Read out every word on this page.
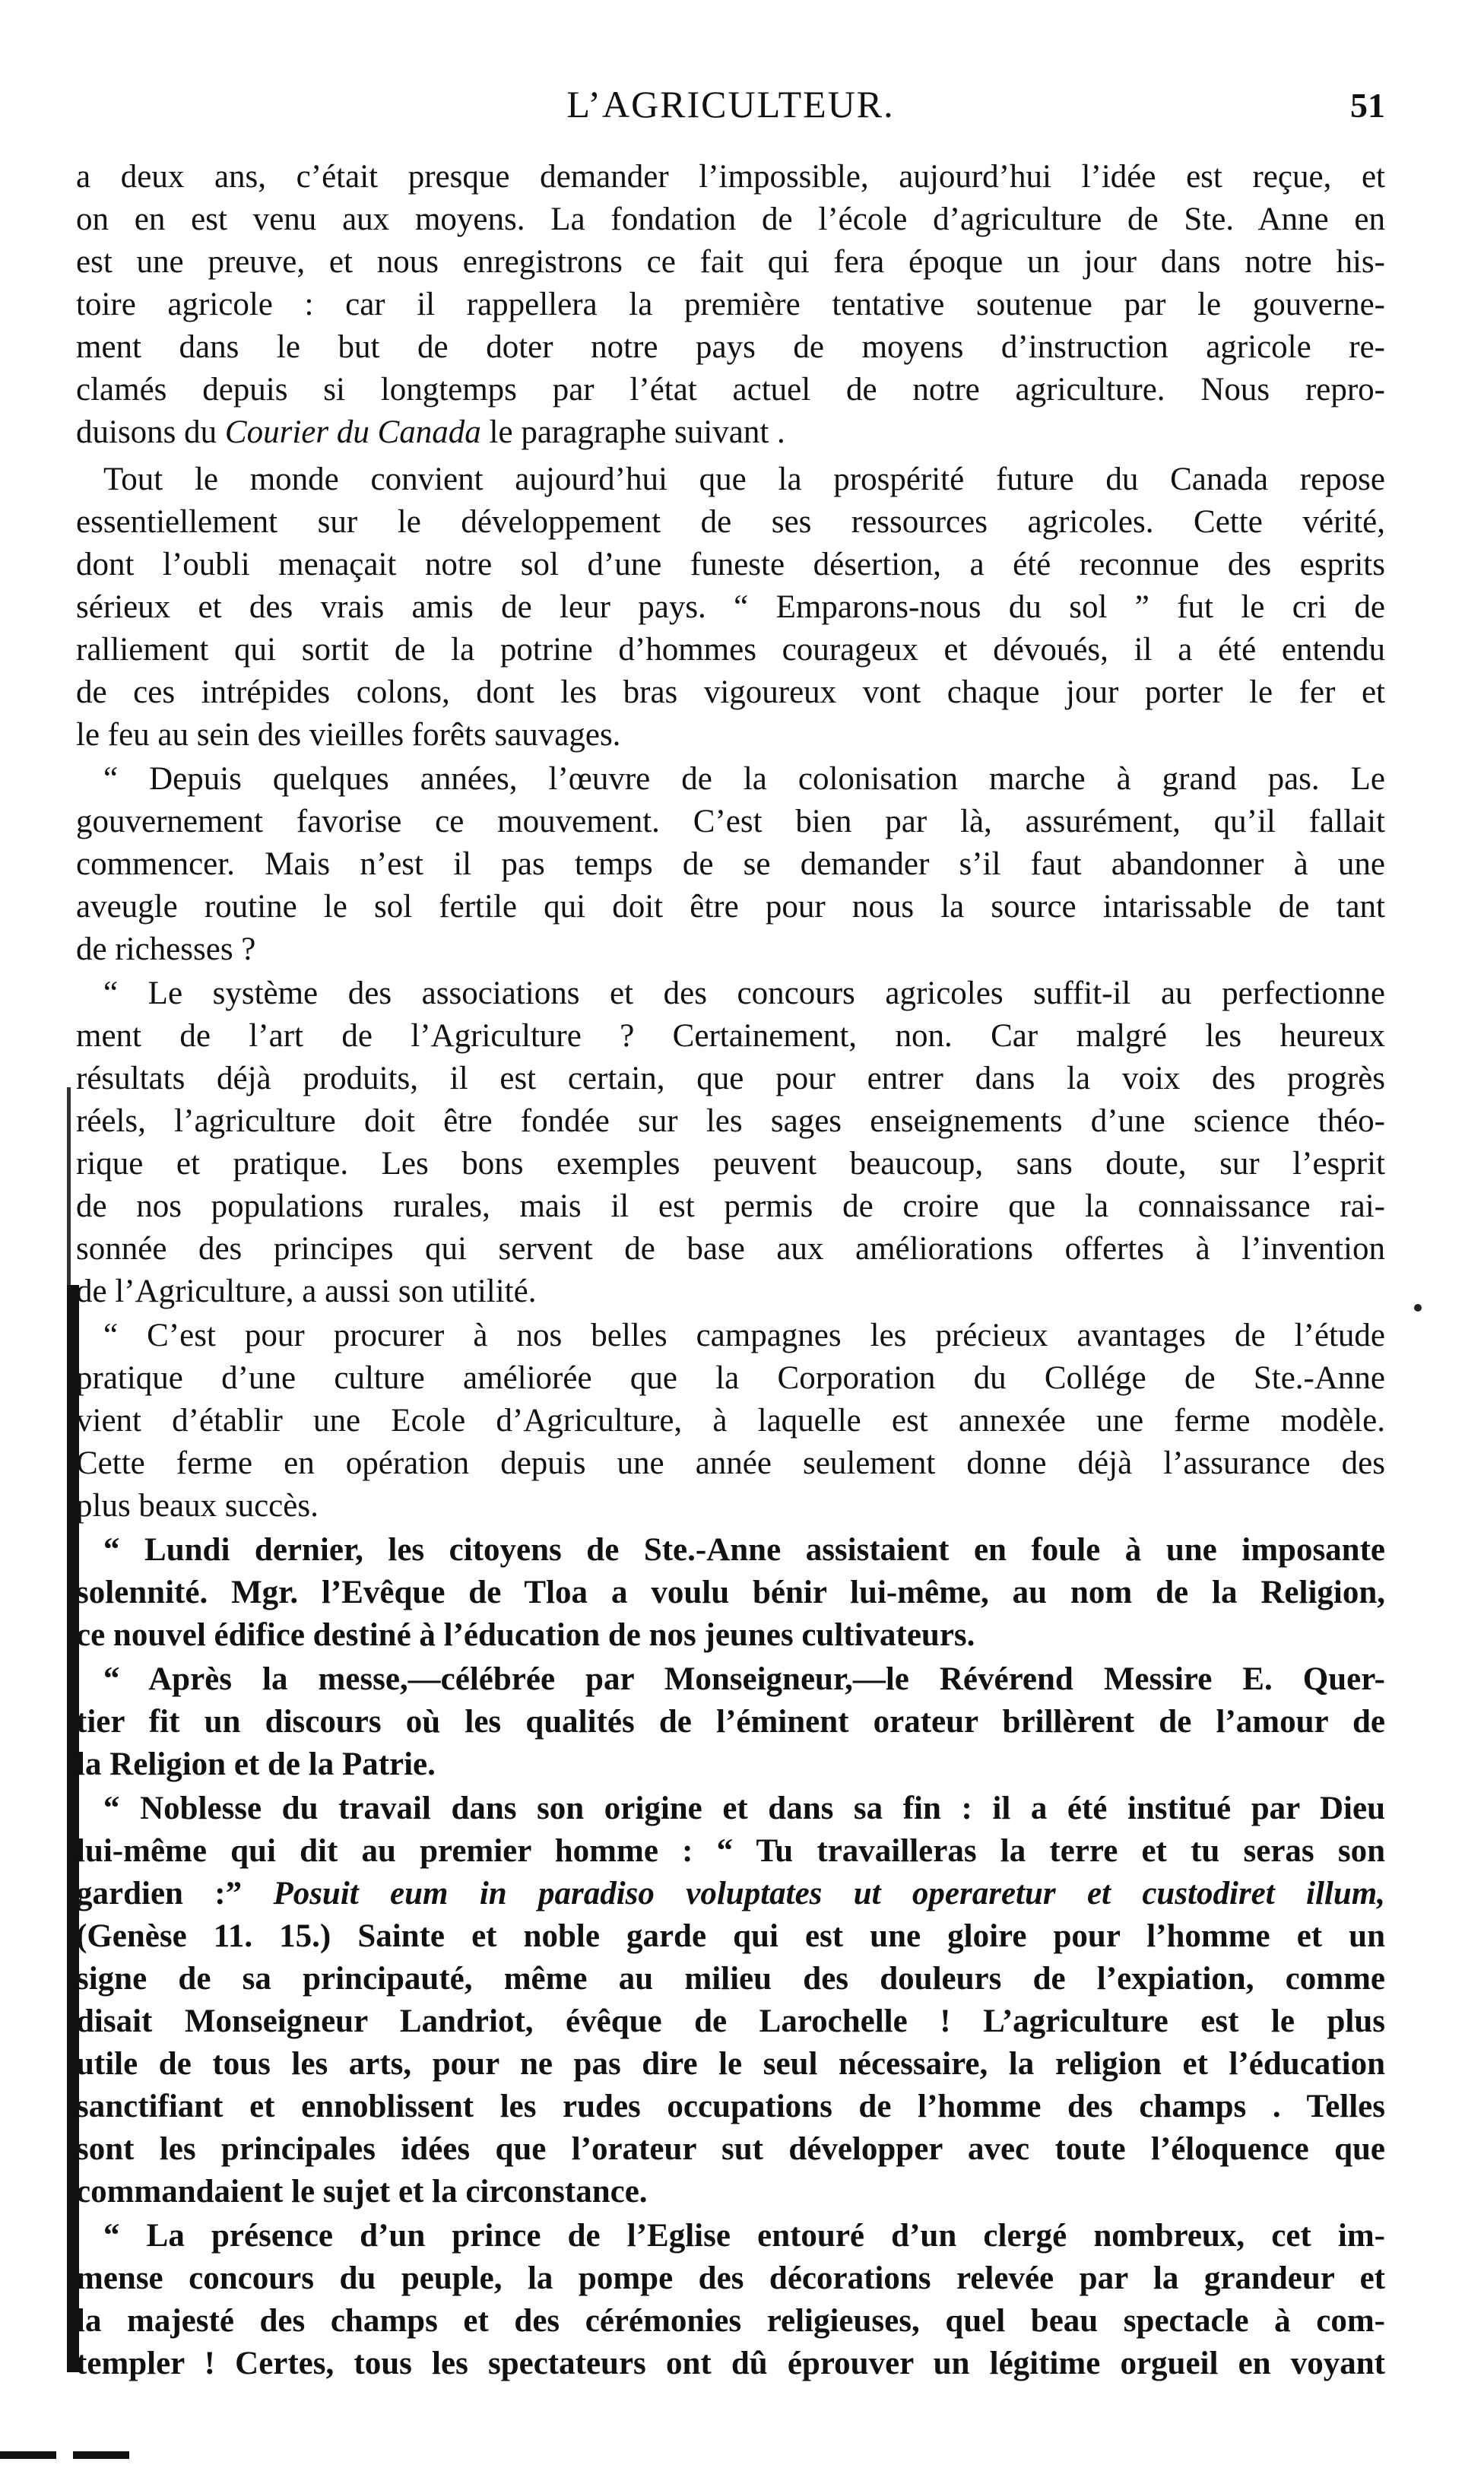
L’AGRICULTEUR.	51
a deux ans, c’était presque demander l’impossible, aujourd’hui l’idée est reçue, et
on en est venu aux moyens. La fondation de l’école d’agriculture de Ste. Anne en
est une preuve, et nous enregistrons ce fait qui fera époque un jour dans notre his-
toire agricole : car il rappellera la première tentative soutenue par le gouverne-
ment dans le but de doter notre pays de moyens d’instruction agricole re-
clamés depuis si longtemps par l’état actuel de notre agriculture. Nous repro-
duisons du Courier du Canada le paragraphe suivant .
Tout le monde convient aujourd’hui que la prospérité future du Canada repose
essentiellement sur le développement de ses ressources agricoles. Cette vérité,
dont l’oubli menaçait notre sol d’une funeste désertion, a été reconnue des esprits
sérieux et des vrais amis de leur pays. “ Emparons-nous du sol ” fut le cri de
ralliement qui sortit de la potrine d’hommes courageux et dévoués, il a été entendu
de ces intrépides colons, dont les bras vigoureux vont chaque jour porter le fer et
le feu au sein des vieilles forêts sauvages.
“ Depuis quelques années, l’œuvre de la colonisation marche à grand pas. Le
gouvernement favorise ce mouvement. C’est bien par là, assurément, qu’il fallait
commencer. Mais n’est il pas temps de se demander s’il faut abandonner à une
aveugle routine le sol fertile qui doit être pour nous la source intarissable de tant
de richesses ?
“ Le système des associations et des concours agricoles suffit-il au perfectionne
ment de l’art de l’Agriculture ? Certainement, non. Car malgré les heureux
résultats déjà produits, il est certain, que pour entrer dans la voix des progrès
réels, l’agriculture doit être fondée sur les sages enseignements d’une science théo-
rique et pratique. Les bons exemples peuvent beaucoup, sans doute, sur l’esprit
de nos populations rurales, mais il est permis de croire que la connaissance rai-
sonnée des principes qui servent de base aux améliorations offertes à l’invention
de l’Agriculture, a aussi son utilité.
“ C’est pour procurer à nos belles campagnes les précieux avantages de l’étude
pratique d’une culture améliorée que la Corporation du Collége de Ste.-Anne
vient d’établir une Ecole d’Agriculture, à laquelle est annexée une ferme modèle.
Cette ferme en opération depuis une année seulement donne déjà l’assurance des
plus beaux succès.
“ Lundi dernier, les citoyens de Ste.-Anne assistaient en foule à une imposante
solennité. Mgr. l’Evêque de Tloa a voulu bénir lui-même, au nom de la Religion,
ce nouvel édifice destiné à l’éducation de nos jeunes cultivateurs.
“ Après la messe,—célébrée par Monseigneur,—le Révérend Messire E. Quer-
tier fit un discours où les qualités de l’éminent orateur brillèrent de l’amour de
la Religion et de la Patrie.
“ Noblesse du travail dans son origine et dans sa fin : il a été institué par Dieu
lui-même qui dit au premier homme : “ Tu travailleras la terre et tu seras son
gardien :” Posuit eum in paradiso voluptates ut operaretur et custodiret illum,
(Genèse 11. 15.) Sainte et noble garde qui est une gloire pour l’homme et un
signe de sa principauté, même au milieu des douleurs de l’expiation, comme
disait Monseigneur Landriot, évêque de Larochelle ! L’agriculture est le plus
utile de tous les arts, pour ne pas dire le seul nécessaire, la religion et l’éducation
sanctifiant et ennoblissent les rudes occupations de l’homme des champs . Telles
sont les principales idées que l’orateur sut développer avec toute l’éloquence que
commandaient le sujet et la circonstance.
“ La présence d’un prince de l’Eglise entouré d’un clergé nombreux, cet im-
mense concours du peuple, la pompe des décorations relevée par la grandeur et
la majesté des champs et des cérémonies religieuses, quel beau spectacle à com-
templer ! Certes, tous les spectateurs ont dû éprouver un légitime orgueil en voyant
